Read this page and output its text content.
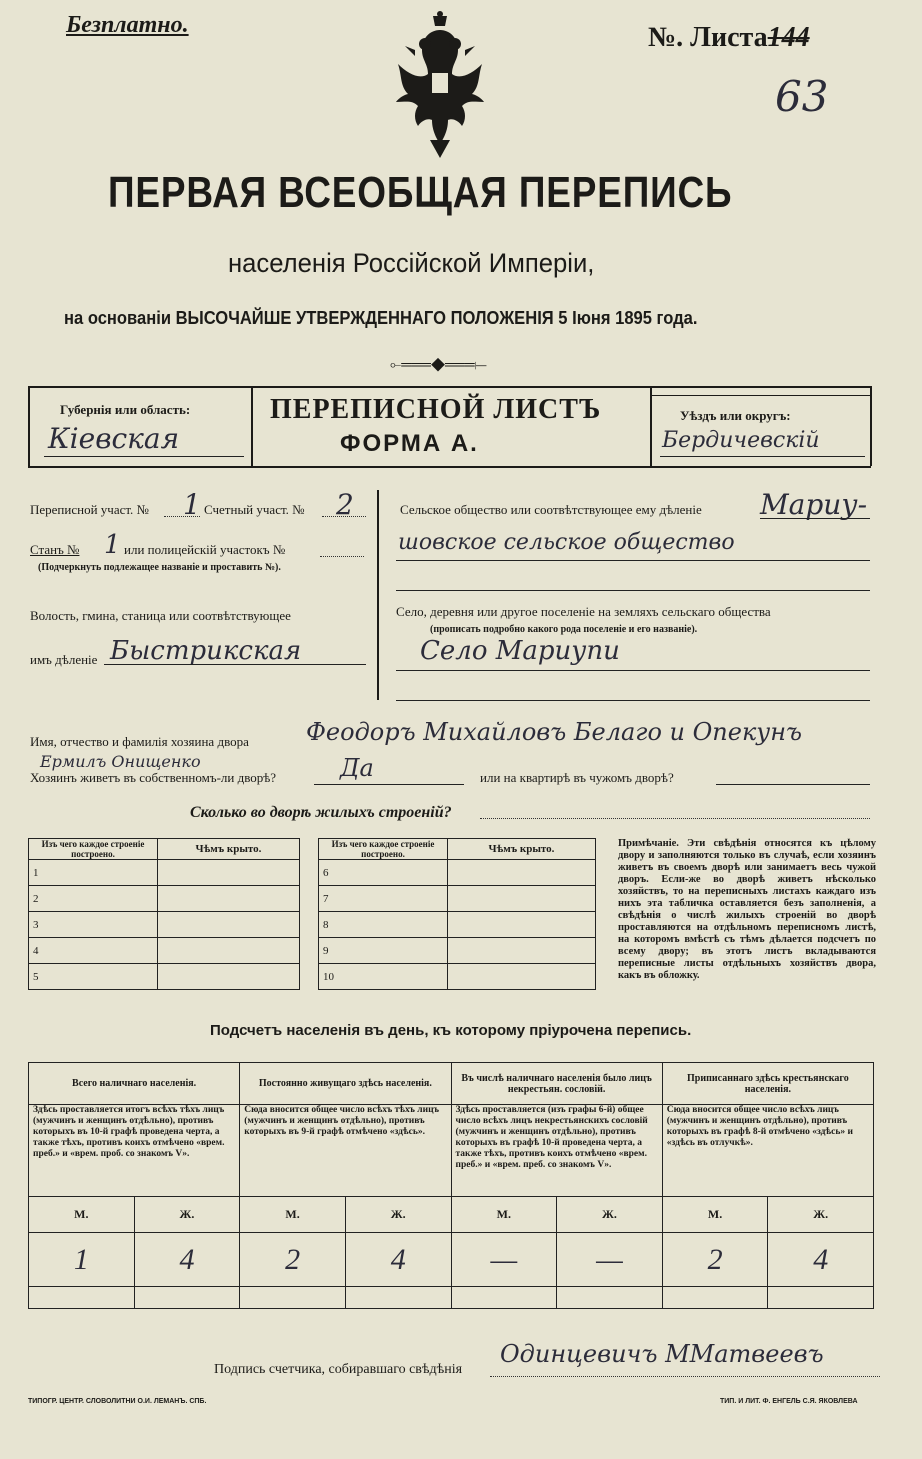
Безплатно.	№. Листа144
63
ПЕРВАЯ ВСЕОБЩАЯ ПЕРЕПИСЬ
населенія Россійской Имперіи,
на основаніи ВЫСОЧАЙШЕ УТВЕРЖДЕННАГО ПОЛОЖЕНІЯ 5 Іюня 1895 года.
⟜═══◆═══⟝
Губернія или область:
Кіевская
ПЕРЕПИСНОЙ ЛИСТЪ
ФОРМА А.
Уѣздъ или округъ:
Бердичевскій
Переписной участ. № 1 Счетный участ. № 2
Станъ № 1 или полицейскій участокъ №
(Подчеркнуть подлежащее названіе и проставить №).
Волость, гмина, станица или соотвѣтствующее
имъ дѣленіе Быстрикская
Сельское общество или соотвѣтствующее ему дѣленіе Мариу-
шовское сельское общество
Село, деревня или другое поселеніе на земляхъ сельскаго общества
(прописать подробно какого рода поселеніе и его названіе).
Село Мариупи
Имя, отчество и фамилія хозяина двора Феодоръ Михайловъ Белаго и Опекунъ
Ермилъ Онищенко
Хозяинъ живетъ въ собственномъ-ли дворѣ?	Да	или на квартирѣ въ чужомъ дворѣ?
Сколько во дворѣ жилыхъ строеній?
Изъ чего каждое строеніе построено.	Чѣмъ крыто.
1	
2	
3	
4	
5	
Изъ чего каждое строеніе построено.	Чѣмъ крыто.
6	
7	
8	
9	
10	
Примѣчаніе. Эти свѣдѣнія относятся къ цѣлому двору и заполняются только въ случаѣ, если хозяинъ живетъ въ своемъ дворѣ или занимаетъ весь чужой дворъ. Если-же во дворѣ живетъ нѣсколько хозяйствъ, то на переписныхъ листахъ каждаго изъ нихъ эта табличка оставляется безъ заполненія, а свѣдѣнія о числѣ жилыхъ строеній во дворѣ проставляются на отдѣльномъ переписномъ листѣ, на которомъ вмѣстѣ съ тѣмъ дѣлается подсчетъ по всему двору; въ этотъ листъ вкладываются переписные листы отдѣльныхъ хозяйствъ двора, какъ въ обложку.
Подсчетъ населенія въ день, къ которому пріурочена перепись.
Всего наличнаго населенія.		Постоянно живущаго здѣсь населенія.		Въ числѣ наличнаго населенія было лицъ некрестьян. сословій.		Приписаннаго здѣсь крестьянскаго населенія.	
Здѣсь проставляется итогъ всѣхъ тѣхъ лицъ (мужчинъ и женщинъ отдѣльно), противъ которыхъ въ 10-й графѣ проведена черта, а также тѣхъ, противъ коихъ отмѣчено «врем. преб.» и «врем. проб. со знакомъ V».		Сюда вносится общее число всѣхъ тѣхъ лицъ (мужчинъ и женщинъ отдѣльно), противъ которыхъ въ 9-й графѣ отмѣчено «здѣсь».		Здѣсь проставляется (изъ графы 6-й) общее число всѣхъ лицъ некрестьянскихъ сословій (мужчинъ и женщинъ отдѣльно), противъ которыхъ въ графѣ 10-й проведена черта, а также тѣхъ, противъ коихъ отмѣчено «врем. преб.» и «врем. преб. со знакомъ V».		Сюда вносится общее число всѣхъ лицъ (мужчинъ и женщинъ отдѣльно), противъ которыхъ въ графѣ 8-й отмѣчено «здѣсь» и «здѣсь въ отлучкѣ».	
М.	Ж.	М.	Ж.	М.	Ж.	М.	Ж.
1	4	2	4	—	—	2	4

Подпись счетчика, собиравшаго свѣдѣнія
Одинцевичъ ММатвеевъ
ТИПОГР. ЦЕНТР. СЛОВОЛИТНИ О.И. ЛЕМАНЪ. СПБ.	ТИП. И ЛИТ. Ф. ЕНГЕЛЬ С.Я. ЯКОВЛЕВА
